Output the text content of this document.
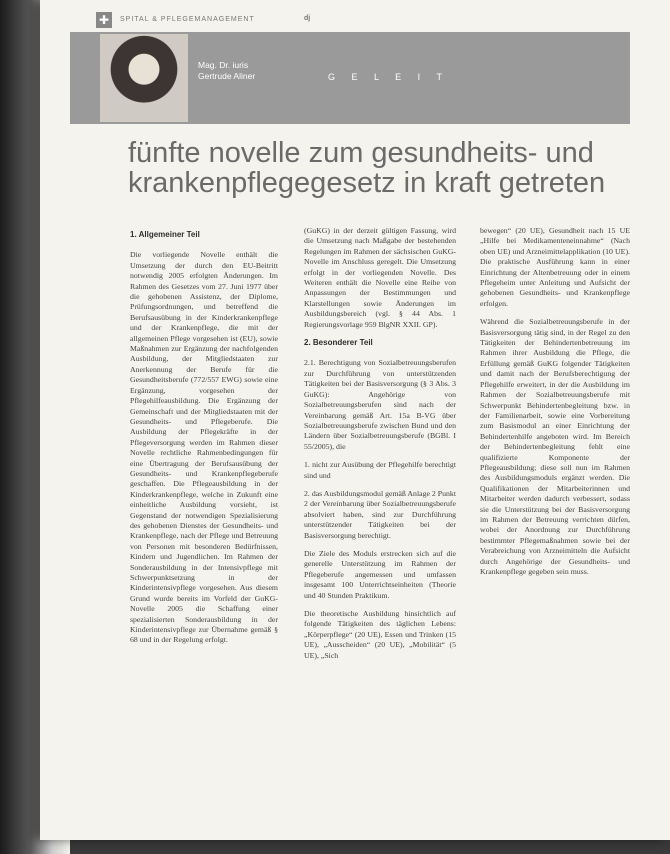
✚	SPITAL & PFLEGEMANAGEMENT	dj
Mag. Dr. iuris
Gertrude Aliner	G E L E I T
fünfte novelle zum gesundheits- und
krankenpflegegesetz in kraft getreten
1. Allgemeiner Teil

Die vorliegende Novelle enthält die Umsetzung der durch den EU-Beitritt notwendig 2005 erfolgten Änderungen. Im Rahmen des Gesetzes vom 27. Juni 1977 über die gehobenen Assistenz, der Diplome, Prüfungsordnungen, und betreffend die Berufsausübung in der Kinderkrankenpflege und der Krankenpflege, die mit der allgemeinen Pflege vorgesehen ist (EU), sowie Maßnahmen zur Ergänzung der nachfolgenden Ausbildung, der Mitgliedstaaten zur Anerkennung der Berufe für die Gesundheitsberufe (772/557 EWG) sowie eine Ergänzung, vorgesehen der Pflegehilfeausbildung. Die Ergänzung der Gemeinschaft und der Mitgliedstaaten mit der Gesundheits- und Pflegeberufe. Die Ausbildung der Pflegekräfte in der Pflegeversorgung werden im Rahmen dieser Novelle rechtliche Rahmenbedingungen für eine Übertragung der Berufsausübung der Gesundheits- und Krankenpflegeberufe geschaffen. Die Pflegeausbildung in der Kinderkrankenpflege, welche in Zukunft eine einheitliche Ausbildung vorsieht, ist Gegenstand der notwendigen Spezialisierung des gehobenen Dienstes der Gesundheits- und Krankenpflege, nach der Pflege und Betreuung von Personen mit besonderen Bedürfnissen, Kindern und Jugendlichen. Im Rahmen der Sonderausbildung in der Intensivpflege mit Schwerpunktsetzung in der Kinderintensivpflege vorgesehen. Aus diesem Grund wurde bereits im Vorfeld der GuKG-Novelle 2005 die Schaffung einer spezialisierten Sonderausbildung in der Kinderintensivpflege zur Übernahme gemäß § 68 und in der Regelung erfolgt.

(GuKG) in der derzeit gültigen Fassung, wird die Umsetzung nach Maßgabe der bestehenden Regelungen im Rahmen der sächsischen GuKG-Novelle im Anschluss geregelt. Die Umsetzung erfolgt in der vorliegenden Novelle. Des Weiteren enthält die Novelle eine Reihe von Anpassungen der Bestimmungen und Klarstellungen sowie Änderungen im Ausbildungsbereich (vgl. § 44 Abs. 1 Regierungsvorlage 959 BlgNR XXII. GP).

2. Besonderer Teil

2.1. Berechtigung von Sozialbetreuungsberufen zur Durchführung von unterstützenden Tätigkeiten bei der Basisversorgung (§ 3 Abs. 3 GuKG): Angehörige von Sozialbetreuungsberufen sind nach der Vereinbarung gemäß Art. 15a B-VG über Sozialbetreuungsberufe zwischen Bund und den Ländern über Sozialbetreuungsberufe (BGBl. I 55/2005), die

1. nicht zur Ausübung der Pflegehilfe berechtigt sind und

2. das Ausbildungsmodul gemäß Anlage 2 Punkt 2 der Vereinbarung über Sozialbetreuungsberufe absolviert haben, sind zur Durchführung unterstützender Tätigkeiten bei der Basisversorgung berechtigt.

Die Ziele des Moduls erstrecken sich auf die generelle Unterstützung im Rahmen der Pflegeberufe angemessen und umfassen insgesamt 100 Unterrichtseinheiten (Theorie und 40 Stunden Praktikum.

Die theoretische Ausbildung hinsichtlich auf folgende Tätigkeiten des täglichen Lebens: „Körperpflege“ (20 UE), Essen und Trinken (15 UE), „Ausscheiden“ (20 UE), „Mobilität“ (5 UE), „Sich

bewegen“ (20 UE), Gesundheit nach 15 UE „Hilfe bei Medikamenteneinnahme“ (Nach oben UE) und Arzneimittelapplikation (10 UE). Die praktische Ausführung kann in einer Einrichtung der Altenbetreuung oder in einem Pflegeheim unter Anleitung und Aufsicht der gehobenen Gesundheits- und Krankenpflege erfolgen.

Während die Sozialbetreuungsberufe in der Basisversorgung tätig sind, in der Regel zu den Tätigkeiten der Behindertenbetreuung im Rahmen ihrer Ausbildung die Pflege, die Erfüllung gemäß GuKG folgender Tätigkeiten und damit nach der Berufsberechtigung der Pflegehilfe erweitert, in der die Ausbildung im Rahmen der Sozialbetreuungsberufe mit Schwerpunkt Behindertenbegleitung bzw. in der Familienarbeit, sowie eine Vorbereitung zum Basismodul an einer Einrichtung der Behindertenhilfe angeboten wird. Im Bereich der Behindertenbegleitung fehlt eine qualifizierte Komponente der Pflegeausbildung; diese soll nun im Rahmen des Ausbildungsmoduls ergänzt werden. Die Qualifikationen der Mitarbeiterinnen und Mitarbeiter werden dadurch verbessert, sodass sie die Unterstützung bei der Basisversorgung im Rahmen der Betreuung verrichten dürfen, wobei der Anordnung zur Durchführung bestimmter Pflegemaßnahmen sowie bei der Verabreichung von Arzneimitteln die Aufsicht durch Angehörige der Gesundheits- und Krankenpflege gegeben sein muss.
